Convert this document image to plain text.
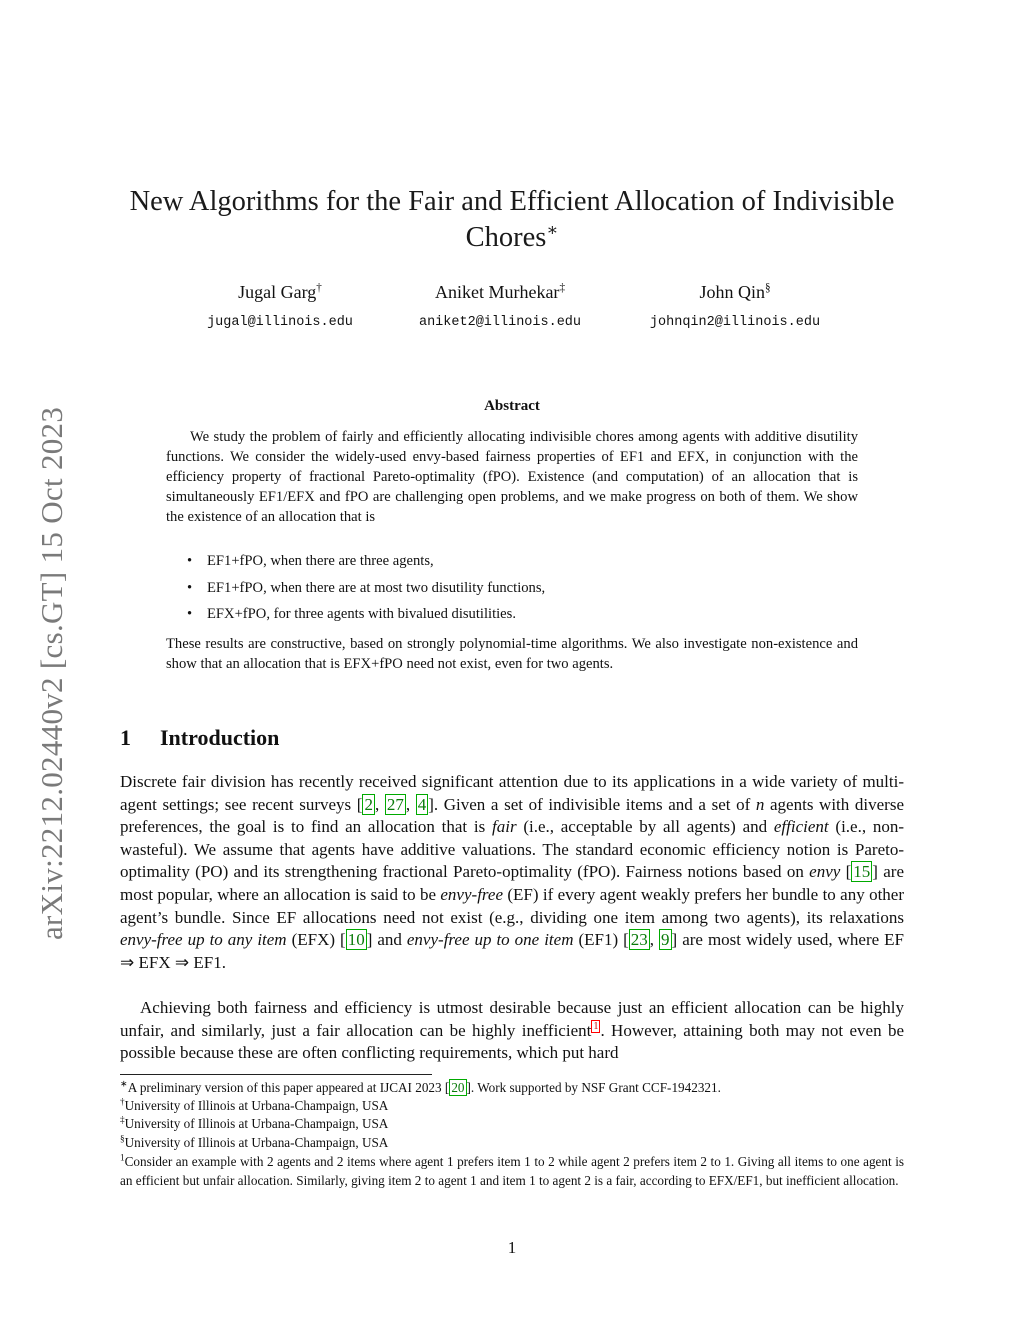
arXiv:2212.02440v2 [cs.GT] 15 Oct 2023
New Algorithms for the Fair and Efficient Allocation of Indivisible
Chores∗
Jugal Garg†	Aniket Murhekar‡	John Qin§
jugal@illinois.edu	aniket2@illinois.edu	johnqin2@illinois.edu
Abstract
We study the problem of fairly and efficiently allocating indivisible chores among agents with additive disutility functions. We consider the widely-used envy-based fairness properties of EF1 and EFX, in conjunction with the efficiency property of fractional Pareto-optimality (fPO). Existence (and computation) of an allocation that is simultaneously EF1/EFX and fPO are challenging open problems, and we make progress on both of them. We show the existence of an allocation that is
• EF1+fPO, when there are three agents,
• EF1+fPO, when there are at most two disutility functions,
• EFX+fPO, for three agents with bivalued disutilities.
These results are constructive, based on strongly polynomial-time algorithms. We also investigate non-existence and show that an allocation that is EFX+fPO need not exist, even for two agents.
1 Introduction
Discrete fair division has recently received significant attention due to its applications in a wide variety of multi-agent settings; see recent surveys [ 2 , 27 , 4 ]. Given a set of indivisible items and a set of n agents with diverse preferences, the goal is to find an allocation that is fair (i.e., acceptable by all agents) and efficient (i.e., non-wasteful). We assume that agents have additive valuations. The standard economic efficiency notion is Pareto-optimality (PO) and its strengthening fractional Pareto-optimality (fPO). Fairness notions based on envy [ 15 ] are most popular, where an allocation is said to be envy-free (EF) if every agent weakly prefers her bundle to any other agent’s bundle. Since EF allocations need not exist (e.g., dividing one item among two agents), its relaxations envy-free up to any item (EFX) [ 10 ] and envy-free up to one item (EF1) [ 23 , 9 ] are most widely used, where EF ⇒ EFX ⇒ EF1.
Achieving both fairness and efficiency is utmost desirable because just an efficient allocation can be highly unfair, and similarly, just a fair allocation can be highly inefficient $^1$ . However, attaining both may not even be possible because these are often conflicting requirements, which put hard
∗A preliminary version of this paper appeared at IJCAI 2023 [ 20 ]. Work supported by NSF Grant CCF-1942321.
†University of Illinois at Urbana-Champaign, USA
‡University of Illinois at Urbana-Champaign, USA
§University of Illinois at Urbana-Champaign, USA
$^1$Consider an example with 2 agents and 2 items where agent 1 prefers item 1 to 2 while agent 2 prefers item 2 to 1. Giving all items to one agent is an efficient but unfair allocation. Similarly, giving item 2 to agent 1 and item 1 to agent 2 is a fair, according to EFX/EF1, but inefficient allocation.
1
